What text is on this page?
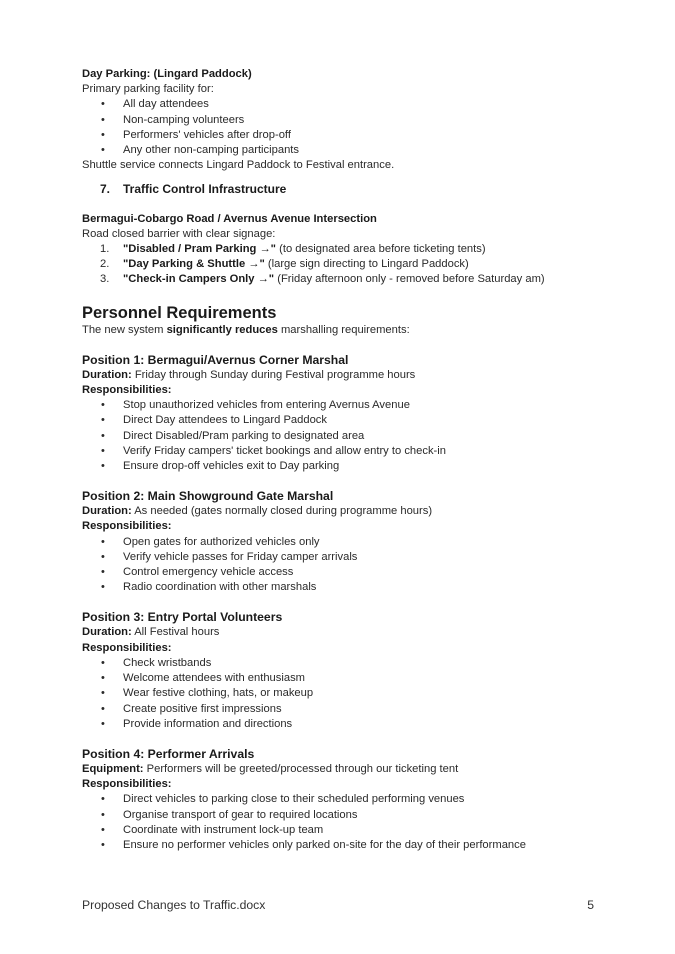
Day Parking: (Lingard Paddock)
Primary parking facility for:
• All day attendees
• Non-camping volunteers
• Performers' vehicles after drop-off
• Any other non-camping participants
Shuttle service connects Lingard Paddock to Festival entrance.
7. Traffic Control Infrastructure
Bermagui-Cobargo Road / Avernus Avenue Intersection
Road closed barrier with clear signage:
1. "Disabled / Pram Parking →" (to designated area before ticketing tents)
2. "Day Parking & Shuttle →" (large sign directing to Lingard Paddock)
3. "Check-in Campers Only →" (Friday afternoon only - removed before Saturday am)
Personnel Requirements
The new system significantly reduces marshalling requirements:
Position 1: Bermagui/Avernus Corner Marshal
Duration: Friday through Sunday during Festival programme hours
Responsibilities:
• Stop unauthorized vehicles from entering Avernus Avenue
• Direct Day attendees to Lingard Paddock
• Direct Disabled/Pram parking to designated area
• Verify Friday campers' ticket bookings and allow entry to check-in
• Ensure drop-off vehicles exit to Day parking
Position 2: Main Showground Gate Marshal
Duration: As needed (gates normally closed during programme hours)
Responsibilities:
• Open gates for authorized vehicles only
• Verify vehicle passes for Friday camper arrivals
• Control emergency vehicle access
• Radio coordination with other marshals
Position 3: Entry Portal Volunteers
Duration: All Festival hours
Responsibilities:
• Check wristbands
• Welcome attendees with enthusiasm
• Wear festive clothing, hats, or makeup
• Create positive first impressions
• Provide information and directions
Position 4: Performer Arrivals
Equipment: Performers will be greeted/processed through our ticketing tent
Responsibilities:
• Direct vehicles to parking close to their scheduled performing venues
• Organise transport of gear to required locations
• Coordinate with instrument lock-up team
• Ensure no performer vehicles only parked on-site for the day of their performance
Proposed Changes to Traffic.docx	5
